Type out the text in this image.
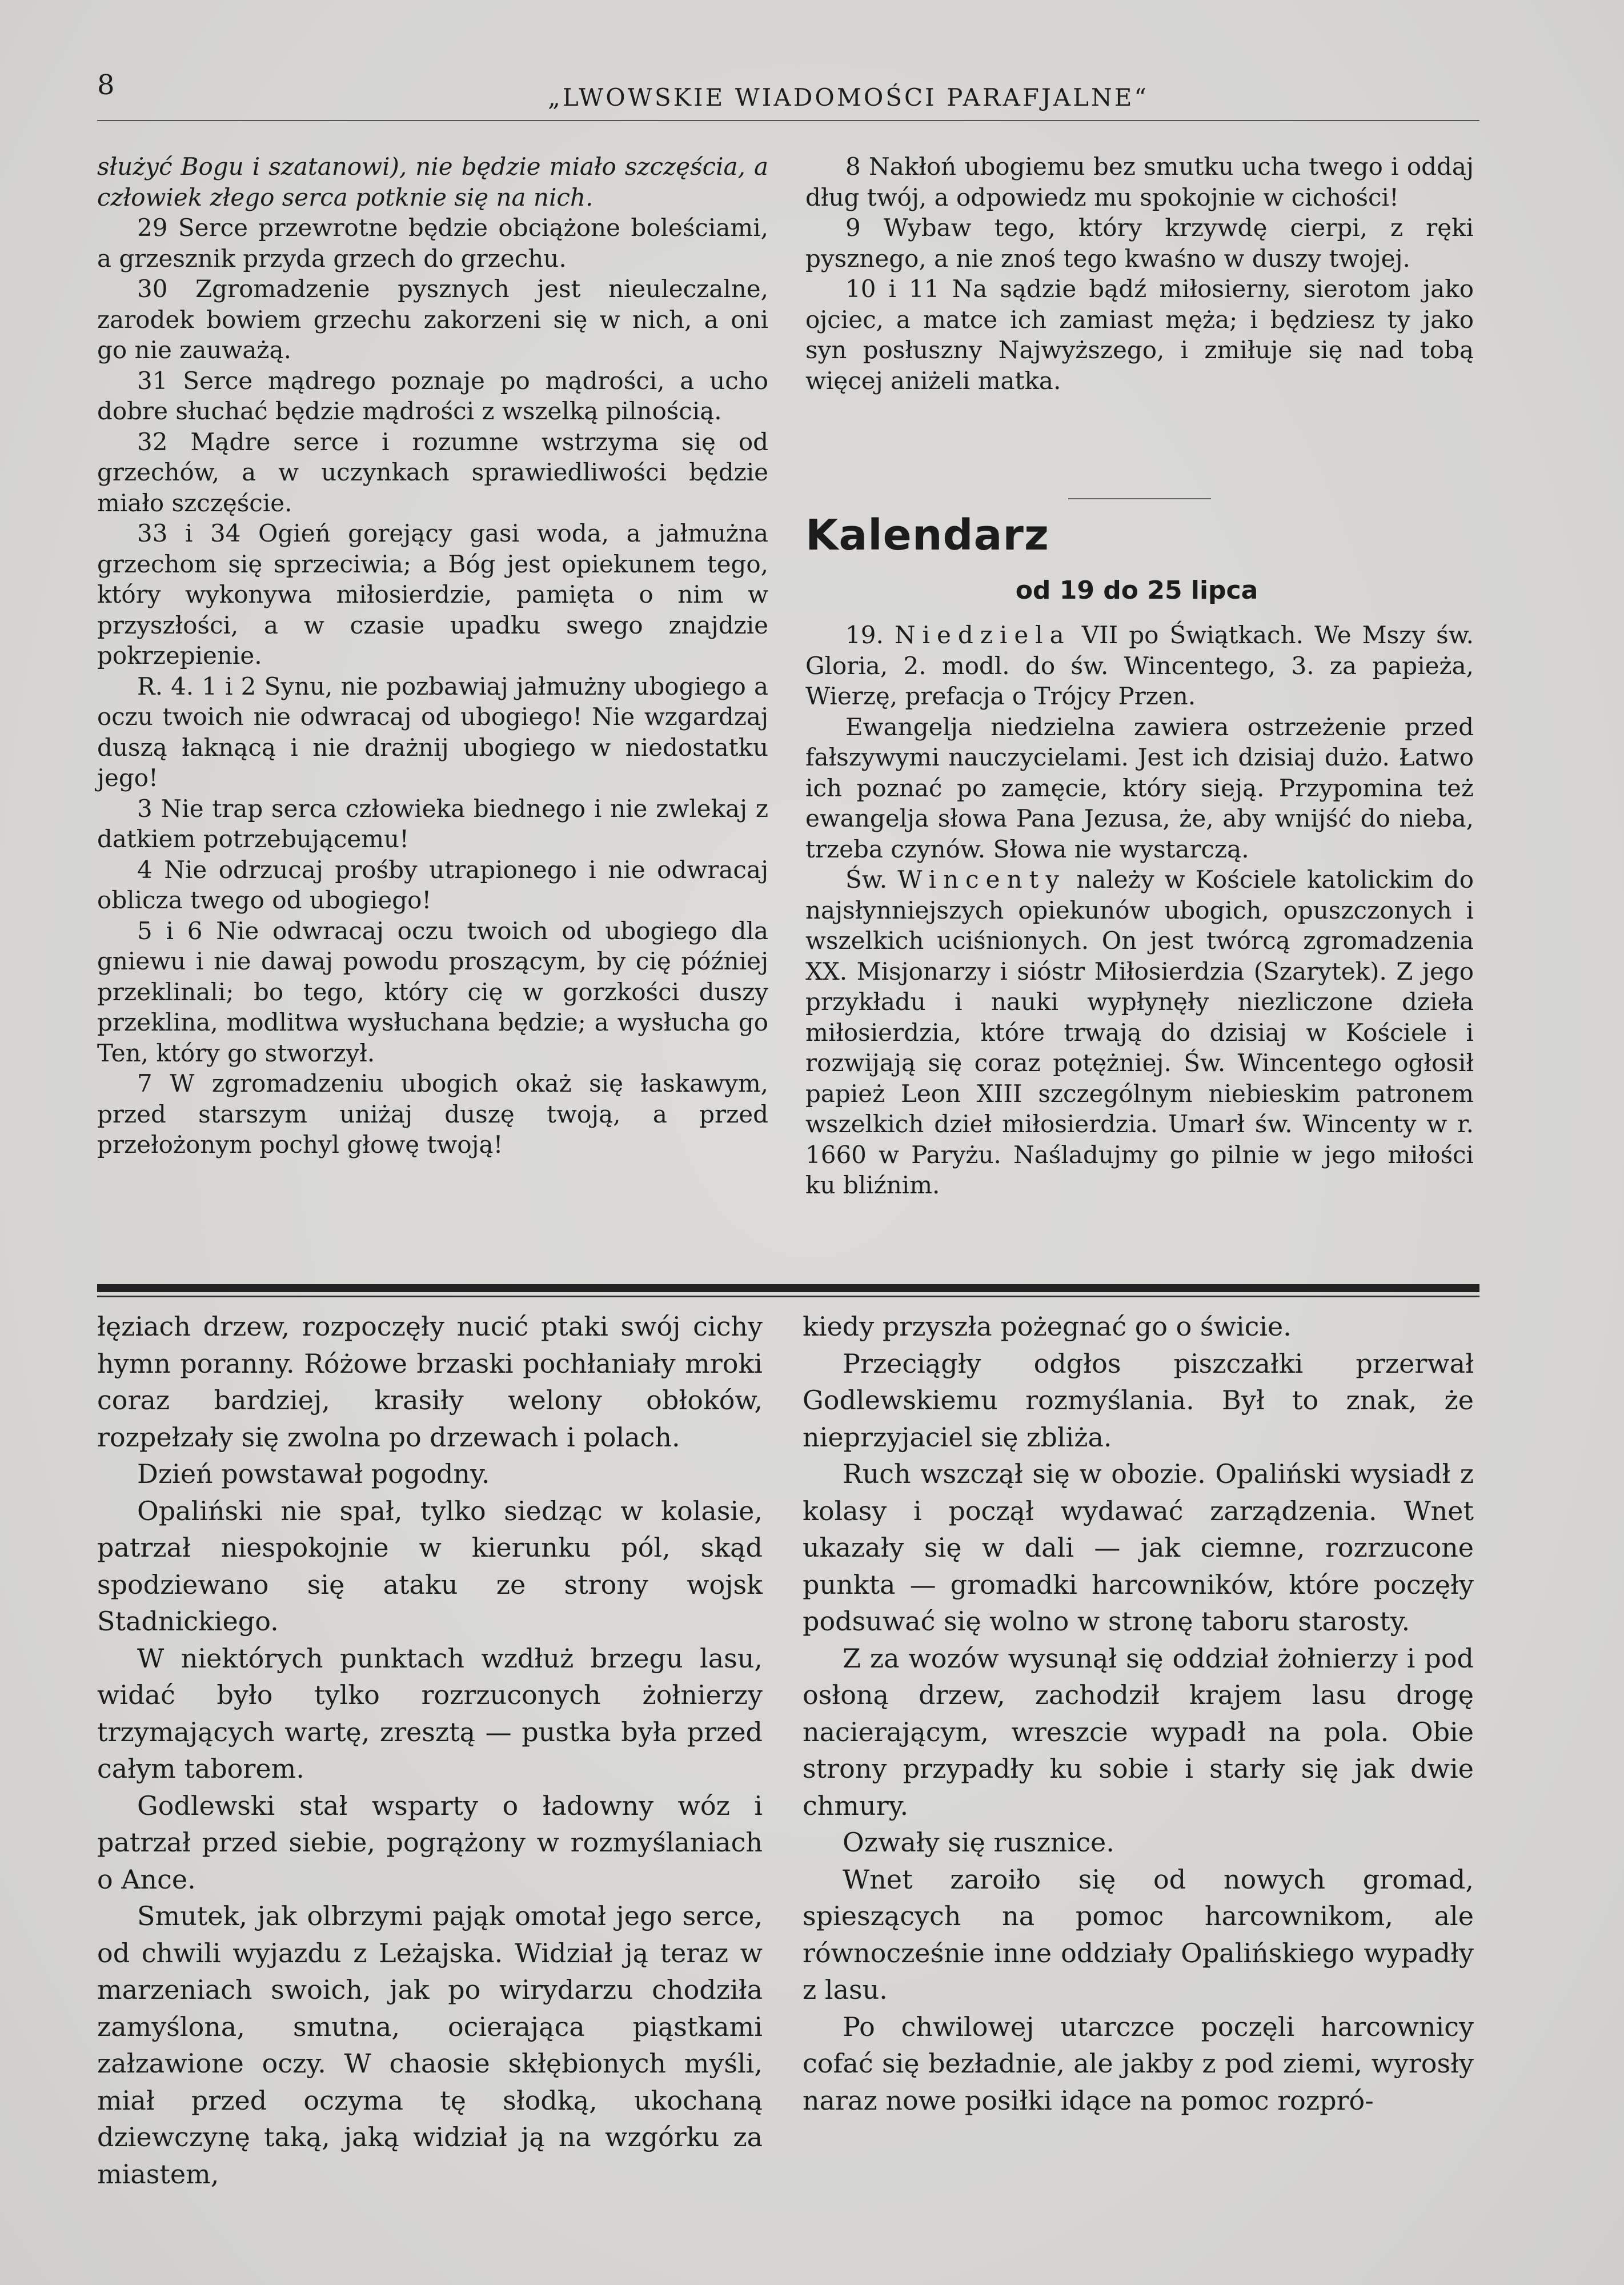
8	„LWOWSKIE WIADOMOŚCI PARAFJALNE“

służyć Bogu i szatanowi), nie będzie miało szczęścia, a człowiek złego serca potknie się na nich.

29 Serce przewrotne będzie obciążone boleściami, a grzesznik przyda grzech do grzechu.

30 Zgromadzenie pysznych jest nieuleczalne, zarodek bowiem grzechu zakorzeni się w nich, a oni go nie zauważą.

31 Serce mądrego poznaje po mądrości, a ucho dobre słuchać będzie mądrości z wszelką pilnością.

32 Mądre serce i rozumne wstrzyma się od grzechów, a w uczynkach sprawiedliwości będzie miało szczęście.

33 i 34 Ogień gorejący gasi woda, a jałmużna grzechom się sprzeciwia; a Bóg jest opiekunem tego, który wykonywa miłosierdzie, pamięta o nim w przyszłości, a w czasie upadku swego znajdzie pokrzepienie.

R. 4. 1 i 2 Synu, nie pozbawiaj jałmużny ubogiego a oczu twoich nie odwracaj od ubogiego! Nie wzgardzaj duszą łaknącą i nie drażnij ubogiego w niedostatku jego!

3 Nie trap serca człowieka biednego i nie zwlekaj z datkiem potrzebującemu!

4 Nie odrzucaj prośby utrapionego i nie odwracaj oblicza twego od ubogiego!

5 i 6 Nie odwracaj oczu twoich od ubogiego dla gniewu i nie dawaj powodu proszącym, by cię później przeklinali; bo tego, który cię w gorzkości duszy przeklina, modlitwa wysłuchana będzie; a wysłucha go Ten, który go stworzył.

7 W zgromadzeniu ubogich okaż się łaskawym, przed starszym uniżaj duszę twoją, a przed przełożonym pochyl głowę twoją!

8 Nakłoń ubogiemu bez smutku ucha twego i oddaj dług twój, a odpowiedz mu spokojnie w cichości!

9 Wybaw tego, który krzywdę cierpi, z ręki pysznego, a nie znoś tego kwaśno w duszy twojej.

10 i 11 Na sądzie bądź miłosierny, sierotom jako ojciec, a matce ich zamiast męża; i będziesz ty jako syn posłuszny Najwyższego, i zmiłuje się nad tobą więcej aniżeli matka.

Kalendarz
od 19 do 25 lipca

19. Niedziela VII po Świątkach. We Mszy św. Gloria, 2. modl. do św. Wincentego, 3. za papieża, Wierzę, prefacja o Trójcy Przen.

Ewangelja niedzielna zawiera ostrzeżenie przed fałszywymi nauczycielami. Jest ich dzisiaj dużo. Łatwo ich poznać po zamęcie, który sieją. Przypomina też ewangelja słowa Pana Jezusa, że, aby wnijść do nieba, trzeba czynów. Słowa nie wystarczą.

Św. Wincenty należy w Kościele katolickim do najsłynniejszych opiekunów ubogich, opuszczonych i wszelkich uciśnionych. On jest twórcą zgromadzenia XX. Misjonarzy i sióstr Miłosierdzia (Szarytek). Z jego przykładu i nauki wypłynęły niezliczone dzieła miłosierdzia, które trwają do dzisiaj w Kościele i rozwijają się coraz potężniej. Św. Wincentego ogłosił papież Leon XIII szczególnym niebieskim patronem wszelkich dzieł miłosierdzia. Umarł św. Wincenty w r. 1660 w Paryżu. Naśladujmy go pilnie w jego miłości ku bliźnim.

łęziach drzew, rozpoczęły nucić ptaki swój cichy hymn poranny. Różowe brzaski pochłaniały mroki coraz bardziej, krasiły welony obłoków, rozpełzały się zwolna po drzewach i polach.

Dzień powstawał pogodny.

Opaliński nie spał, tylko siedząc w kolasie, patrzał niespokojnie w kierunku pól, skąd spodziewano się ataku ze strony wojsk Stadnickiego.

W niektórych punktach wzdłuż brzegu lasu, widać było tylko rozrzuconych żołnierzy trzymających wartę, zresztą — pustka była przed całym taborem.

Godlewski stał wsparty o ładowny wóz i patrzał przed siebie, pogrążony w rozmyślaniach o Ance.

Smutek, jak olbrzymi pająk omotał jego serce, od chwili wyjazdu z Leżajska. Widział ją teraz w marzeniach swoich, jak po wirydarzu chodziła zamyślona, smutna, ocierająca piąstkami załzawione oczy. W chaosie skłębionych myśli, miał przed oczyma tę słodką, ukochaną dziewczynę taką, jaką widział ją na wzgórku za miastem,

kiedy przyszła pożegnać go o świcie.

Przeciągły odgłos piszczałki przerwał Godlewskiemu rozmyślania. Był to znak, że nieprzyjaciel się zbliża.

Ruch wszczął się w obozie. Opaliński wysiadł z kolasy i począł wydawać zarządzenia. Wnet ukazały się w dali — jak ciemne, rozrzucone punkta — gromadki harcowników, które poczęły podsuwać się wolno w stronę taboru starosty.

Z za wozów wysunął się oddział żołnierzy i pod osłoną drzew, zachodził krajem lasu drogę nacierającym, wreszcie wypadł na pola. Obie strony przypadły ku sobie i starły się jak dwie chmury.

Ozwały się rusznice.

Wnet zaroiło się od nowych gromad, spieszących na pomoc harcownikom, ale równocześnie inne oddziały Opalińskiego wypadły z lasu.

Po chwilowej utarczce poczęli harcownicy cofać się bezładnie, ale jakby z pod ziemi, wyrosły naraz nowe posiłki idące na pomoc rozpró-
